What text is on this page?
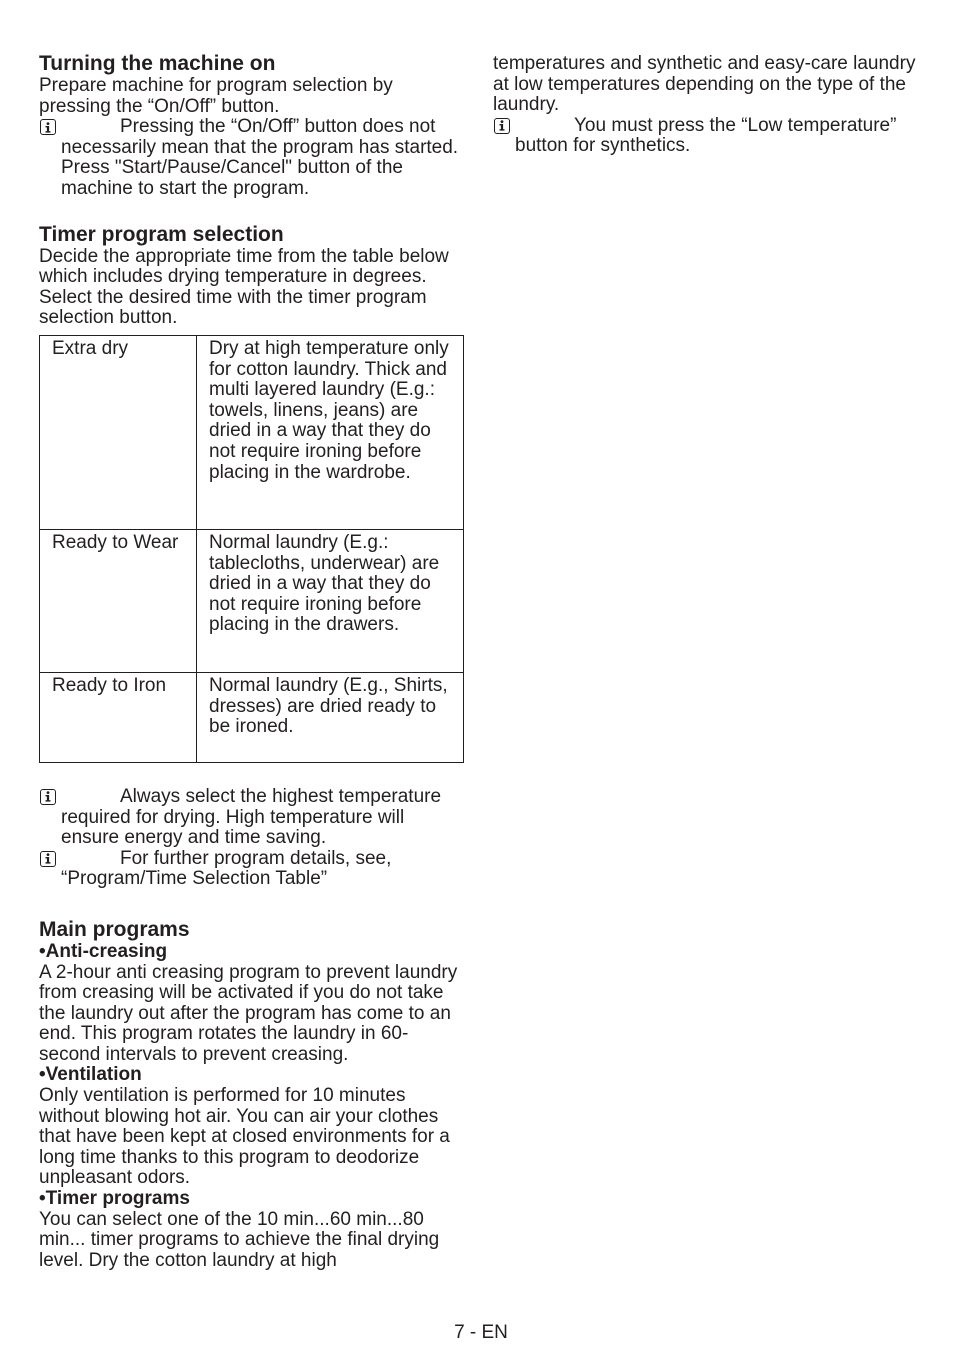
Turning the machine on

Prepare machine for program selection by pressing the “On/Off” button.

Pressing the “On/Off” button does not necessarily mean that the program has started. Press "Start/Pause/Cancel" button of the machine to start the program.
Timer program selection

Decide the appropriate time from the table below which includes drying temperature in degrees. Select the desired time with the timer program selection button.

Extra dry	Dry at high temperature only for cotton laundry. Thick and multi layered laundry (E.g.: towels, linens, jeans) are dried in a way that they do not require ironing before placing in the wardrobe.
Ready to Wear	Normal laundry (E.g.: tablecloths, underwear) are dried in a way that they do not require ironing before placing in the drawers.
Ready to Iron	Normal laundry (E.g., Shirts, dresses) are dried ready to be ironed.
Always select the highest temperature required for drying. High temperature will ensure energy and time saving.
For further program details, see, “Program/Time Selection Table”
Main programs

•Anti-creasing

A 2-hour anti creasing program to prevent laundry from creasing will be activated if you do not take the laundry out after the program has come to an end. This program rotates the laundry in 60-second intervals to prevent creasing.

•Ventilation

Only ventilation is performed for 10 minutes without blowing hot air. You can air your clothes that have been kept at closed environments for a long time thanks to this program to deodorize unpleasant odors.

•Timer programs

You can select one of the 10 min...60 min...80 min... timer programs to achieve the final drying level. Dry the cotton laundry at high

temperatures and synthetic and easy-care laundry at low temperatures depending on the type of the laundry.

You must press the “Low temperature” button for synthetics.
7 - EN
